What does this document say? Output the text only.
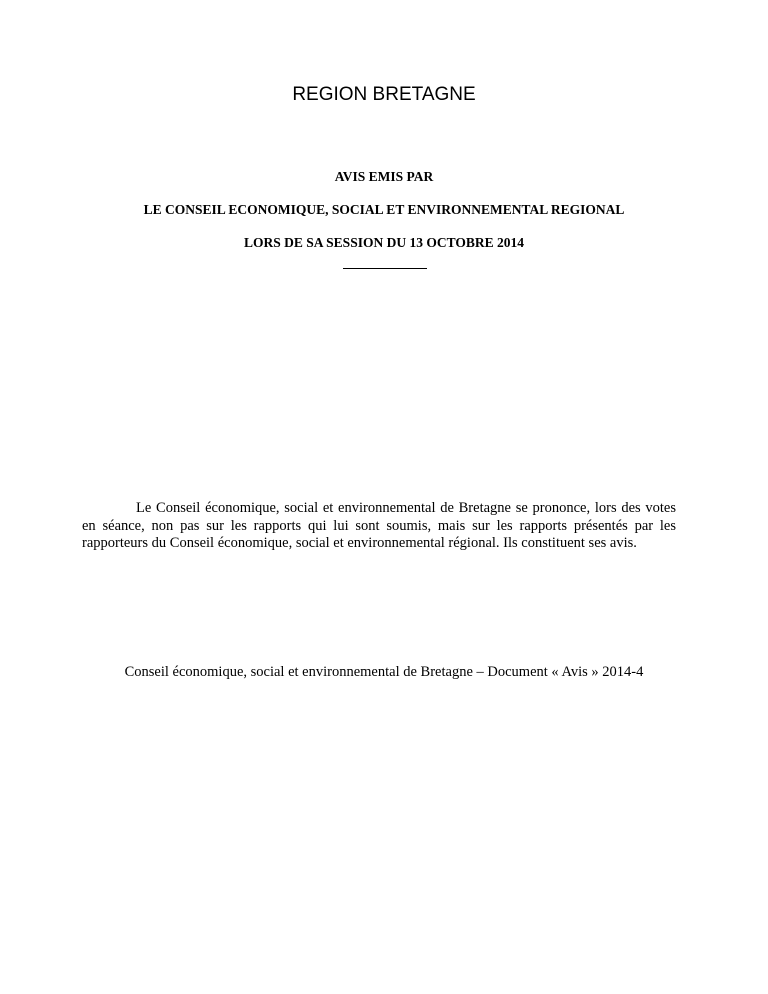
REGION BRETAGNE
AVIS EMIS PAR
LE CONSEIL ECONOMIQUE, SOCIAL ET ENVIRONNEMENTAL REGIONAL
LORS DE SA SESSION DU 13 OCTOBRE 2014

Le Conseil économique, social et environnemental de Bretagne se prononce, lors des votes en séance, non pas sur les rapports qui lui sont soumis, mais sur les rapports présentés par les rapporteurs du Conseil économique, social et environnemental régional. Ils constituent ses avis.

Conseil économique, social et environnemental de Bretagne – Document « Avis » 2014-4
